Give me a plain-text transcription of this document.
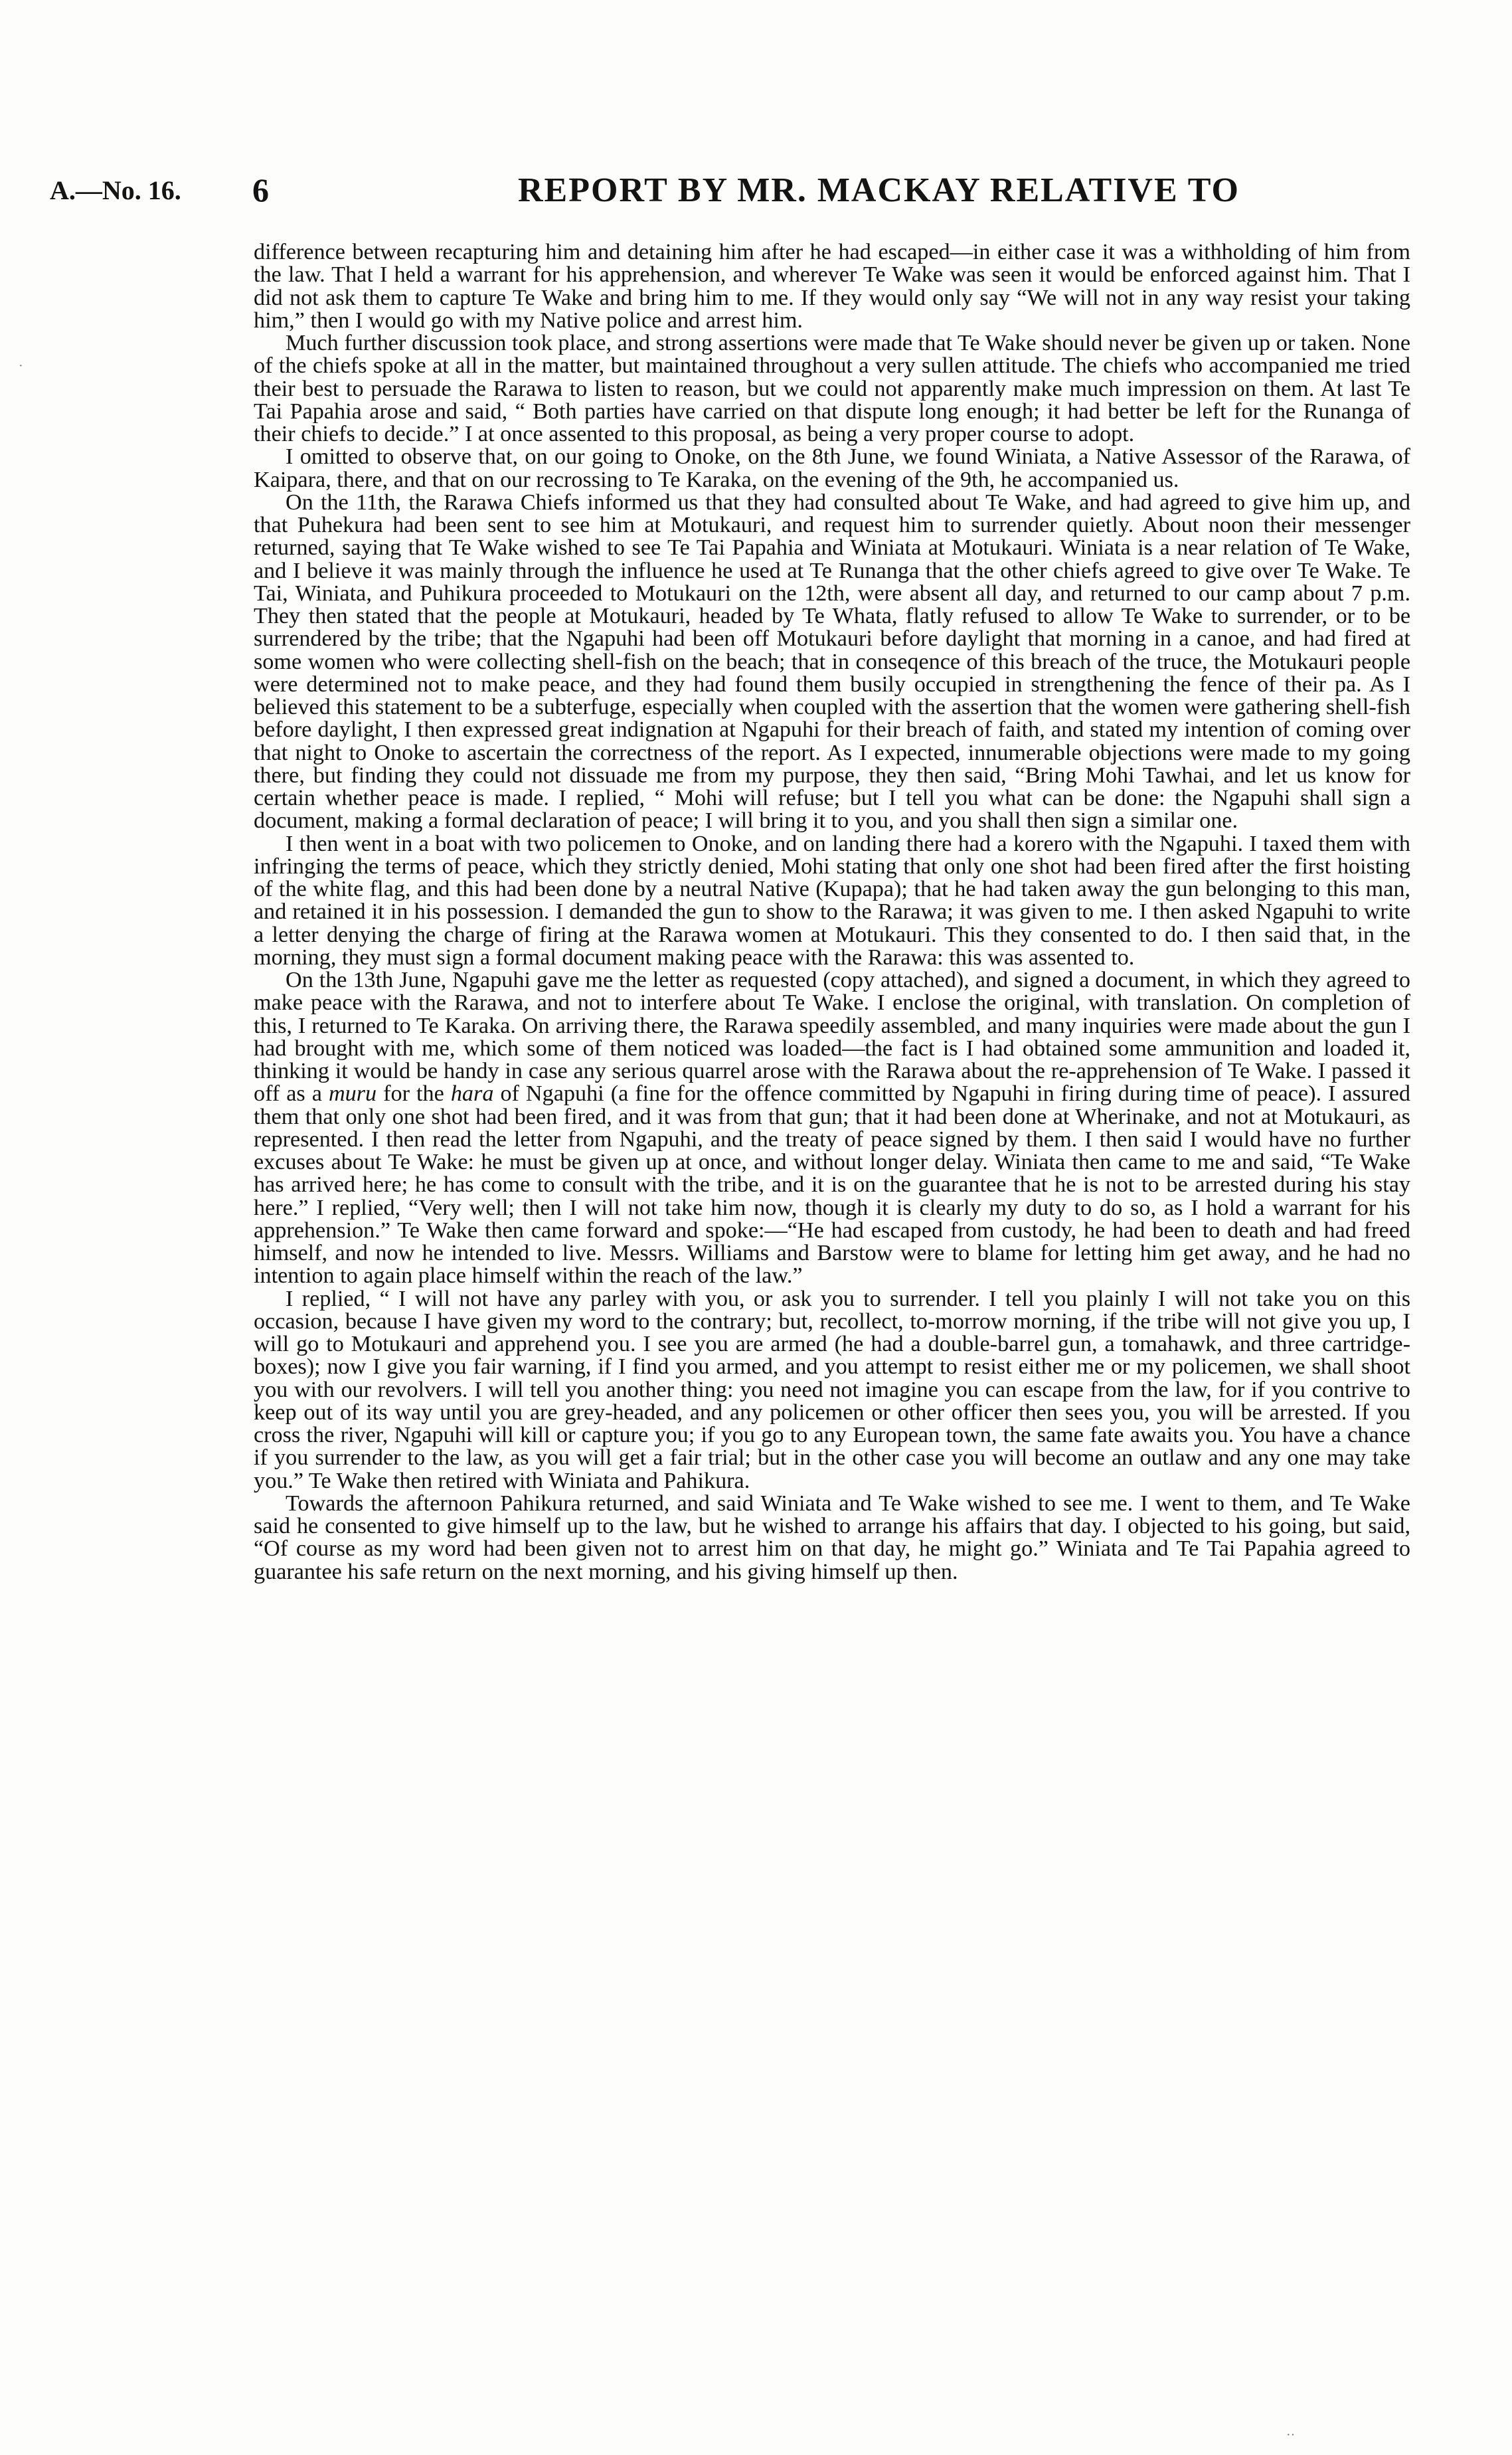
A.—No. 16. 6	REPORT BY MR. MACKAY RELATIVE TO

difference between recapturing him and detaining him after he had escaped—in either case it was a withholding of him from the law. That I held a warrant for his apprehension, and wherever Te Wake was seen it would be enforced against him. That I did not ask them to capture Te Wake and bring him to me. If they would only say “We will not in any way resist your taking him,” then I would go with my Native police and arrest him.

Much further discussion took place, and strong assertions were made that Te Wake should never be given up or taken. None of the chiefs spoke at all in the matter, but maintained throughout a very sullen attitude. The chiefs who accompanied me tried their best to persuade the Rarawa to listen to reason, but we could not apparently make much impression on them. At last Te Tai Papahia arose and said, “ Both parties have carried on that dispute long enough; it had better be left for the Runanga of their chiefs to decide.” I at once assented to this proposal, as being a very proper course to adopt.

I omitted to observe that, on our going to Onoke, on the 8th June, we found Winiata, a Native Assessor of the Rarawa, of Kaipara, there, and that on our recrossing to Te Karaka, on the evening of the 9th, he accompanied us.

On the 11th, the Rarawa Chiefs informed us that they had consulted about Te Wake, and had agreed to give him up, and that Puhekura had been sent to see him at Motukauri, and request him to surrender quietly. About noon their messenger returned, saying that Te Wake wished to see Te Tai Papahia and Winiata at Motukauri. Winiata is a near relation of Te Wake, and I believe it was mainly through the influence he used at Te Runanga that the other chiefs agreed to give over Te Wake. Te Tai, Winiata, and Puhikura proceeded to Motukauri on the 12th, were absent all day, and returned to our camp about 7 p.m. They then stated that the people at Motukauri, headed by Te Whata, flatly refused to allow Te Wake to surrender, or to be surrendered by the tribe; that the Ngapuhi had been off Motukauri before daylight that morning in a canoe, and had fired at some women who were collecting shell-fish on the beach; that in conseqence of this breach of the truce, the Motukauri people were determined not to make peace, and they had found them busily occupied in strengthening the fence of their pa. As I believed this statement to be a subterfuge, especially when coupled with the assertion that the women were gathering shell-fish before daylight, I then expressed great indignation at Ngapuhi for their breach of faith, and stated my intention of coming over that night to Onoke to ascertain the correctness of the report. As I expected, innumerable objections were made to my going there, but finding they could not dissuade me from my purpose, they then said, “Bring Mohi Tawhai, and let us know for certain whether peace is made. I replied, “ Mohi will refuse; but I tell you what can be done: the Ngapuhi shall sign a document, making a formal declaration of peace; I will bring it to you, and you shall then sign a similar one.

I then went in a boat with two policemen to Onoke, and on landing there had a korero with the Ngapuhi. I taxed them with infringing the terms of peace, which they strictly denied, Mohi stating that only one shot had been fired after the first hoisting of the white flag, and this had been done by a neutral Native (Kupapa); that he had taken away the gun belonging to this man, and retained it in his possession. I demanded the gun to show to the Rarawa; it was given to me. I then asked Ngapuhi to write a letter denying the charge of firing at the Rarawa women at Motukauri. This they consented to do. I then said that, in the morning, they must sign a formal document making peace with the Rarawa: this was assented to.

On the 13th June, Ngapuhi gave me the letter as requested (copy attached), and signed a document, in which they agreed to make peace with the Rarawa, and not to interfere about Te Wake. I enclose the original, with translation. On completion of this, I returned to Te Karaka. On arriving there, the Rarawa speedily assembled, and many inquiries were made about the gun I had brought with me, which some of them noticed was loaded—the fact is I had obtained some ammunition and loaded it, thinking it would be handy in case any serious quarrel arose with the Rarawa about the re-apprehension of Te Wake. I passed it off as a muru for the hara of Ngapuhi (a fine for the offence committed by Ngapuhi in firing during time of peace). I assured them that only one shot had been fired, and it was from that gun; that it had been done at Wherinake, and not at Motukauri, as represented. I then read the letter from Ngapuhi, and the treaty of peace signed by them. I then said I would have no further excuses about Te Wake: he must be given up at once, and without longer delay. Winiata then came to me and said, “Te Wake has arrived here; he has come to consult with the tribe, and it is on the guarantee that he is not to be arrested during his stay here.” I replied, “Very well; then I will not take him now, though it is clearly my duty to do so, as I hold a warrant for his apprehension.” Te Wake then came forward and spoke:—“He had escaped from custody, he had been to death and had freed himself, and now he intended to live. Messrs. Williams and Barstow were to blame for letting him get away, and he had no intention to again place himself within the reach of the law.”

I replied, “ I will not have any parley with you, or ask you to surrender. I tell you plainly I will not take you on this occasion, because I have given my word to the contrary; but, recollect, to-morrow morning, if the tribe will not give you up, I will go to Motukauri and apprehend you. I see you are armed (he had a double-barrel gun, a tomahawk, and three cartridge-boxes); now I give you fair warning, if I find you armed, and you attempt to resist either me or my policemen, we shall shoot you with our revolvers. I will tell you another thing: you need not imagine you can escape from the law, for if you contrive to keep out of its way until you are grey-headed, and any policemen or other officer then sees you, you will be arrested. If you cross the river, Ngapuhi will kill or capture you; if you go to any European town, the same fate awaits you. You have a chance if you surrender to the law, as you will get a fair trial; but in the other case you will become an outlaw and any one may take you.” Te Wake then retired with Winiata and Pahikura.

Towards the afternoon Pahikura returned, and said Winiata and Te Wake wished to see me. I went to them, and Te Wake said he consented to give himself up to the law, but he wished to arrange his affairs that day. I objected to his going, but said, “Of course as my word had been given not to arrest him on that day, he might go.” Winiata and Te Tai Papahia agreed to guarantee his safe return on the next morning, and his giving himself up then.

·
··
